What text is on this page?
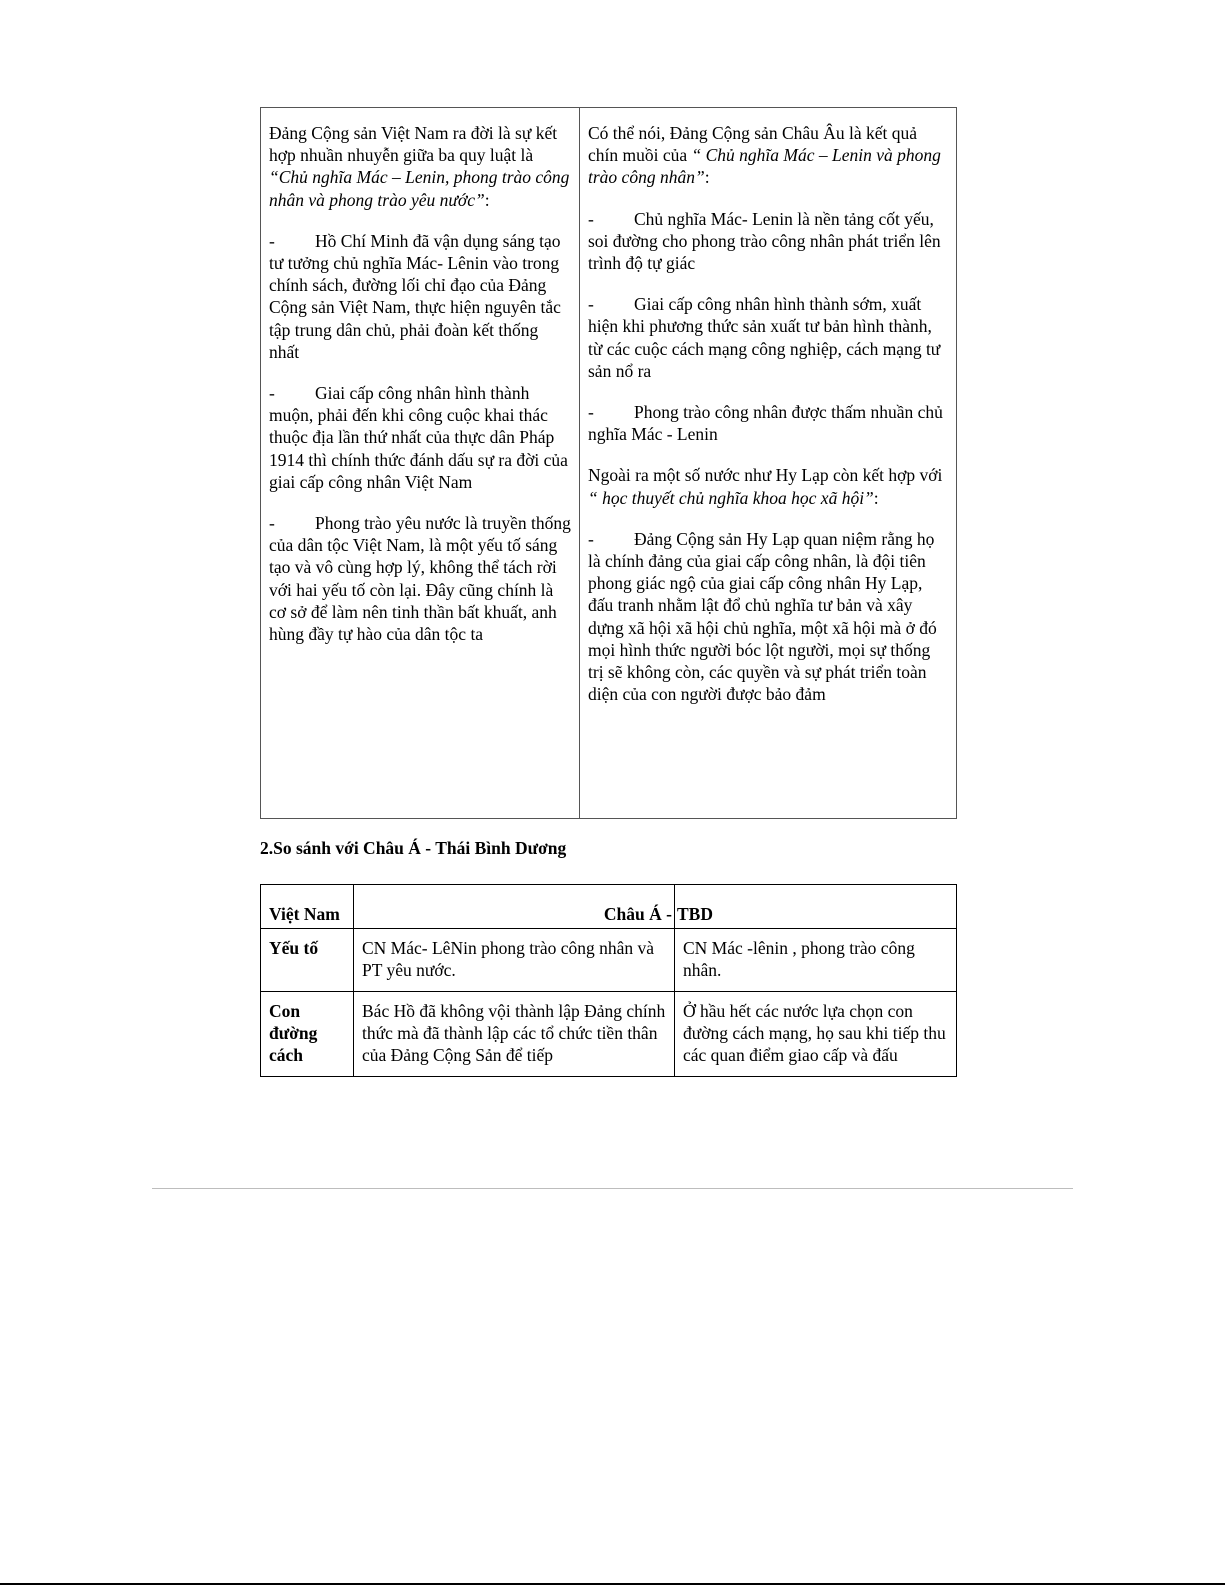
Đảng Cộng sản Việt Nam ra đời là sự kết hợp nhuần nhuyễn giữa ba quy luật là “Chủ nghĩa Mác – Lenin, phong trào công nhân và phong trào yêu nước”:

- Hồ Chí Minh đã vận dụng sáng tạo tư tưởng chủ nghĩa Mác- Lênin vào trong chính sách, đường lối chỉ đạo của Đảng Cộng sản Việt Nam, thực hiện nguyên tắc tập trung dân chủ, phải đoàn kết thống nhất

- Giai cấp công nhân hình thành muộn, phải đến khi công cuộc khai thác thuộc địa lần thứ nhất của thực dân Pháp 1914 thì chính thức đánh dấu sự ra đời của giai cấp công nhân Việt Nam

- Phong trào yêu nước là truyền thống của dân tộc Việt Nam, là một yếu tố sáng tạo và vô cùng hợp lý, không thể tách rời với hai yếu tố còn lại. Đây cũng chính là cơ sở để làm nên tinh thần bất khuất, anh hùng đầy tự hào của dân tộc ta

Có thể nói, Đảng Cộng sản Châu Âu là kết quả chín muồi của “ Chủ nghĩa Mác – Lenin và phong trào công nhân”:

- Chủ nghĩa Mác- Lenin là nền tảng cốt yếu, soi đường cho phong trào công nhân phát triển lên trình độ tự giác

- Giai cấp công nhân hình thành sớm, xuất hiện khi phương thức sản xuất tư bản hình thành, từ các cuộc cách mạng công nghiệp, cách mạng tư sản nổ ra

- Phong trào công nhân được thấm nhuần chủ nghĩa Mác - Lenin

Ngoài ra một số nước như Hy Lạp còn kết hợp với “ học thuyết chủ nghĩa khoa học xã hội”:

- Đảng Cộng sản Hy Lạp quan niệm rằng họ là chính đảng của giai cấp công nhân, là đội tiên phong giác ngộ của giai cấp công nhân Hy Lạp, đấu tranh nhằm lật đổ chủ nghĩa tư bản và xây dựng xã hội xã hội chủ nghĩa, một xã hội mà ở đó mọi hình thức người bóc lột người, mọi sự thống trị sẽ không còn, các quyền và sự phát triển toàn diện của con người được bảo đảm

2.So sánh với Châu Á - Thái Bình Dương

Việt Nam	Châu Á -	TBD
Yếu tố	CN Mác- LêNin phong trào công nhân và PT yêu nước.	CN Mác -lênin , phong trào công nhân.

Con đường cách	Bác Hồ đã không vội thành lập Đảng chính thức mà đã thành lập các tổ chức tiền thân của Đảng Cộng Sản để tiếp	Ở hầu hết các nước lựa chọn con đường cách mạng, họ sau khi tiếp thu các quan điểm giao cấp và đấu
